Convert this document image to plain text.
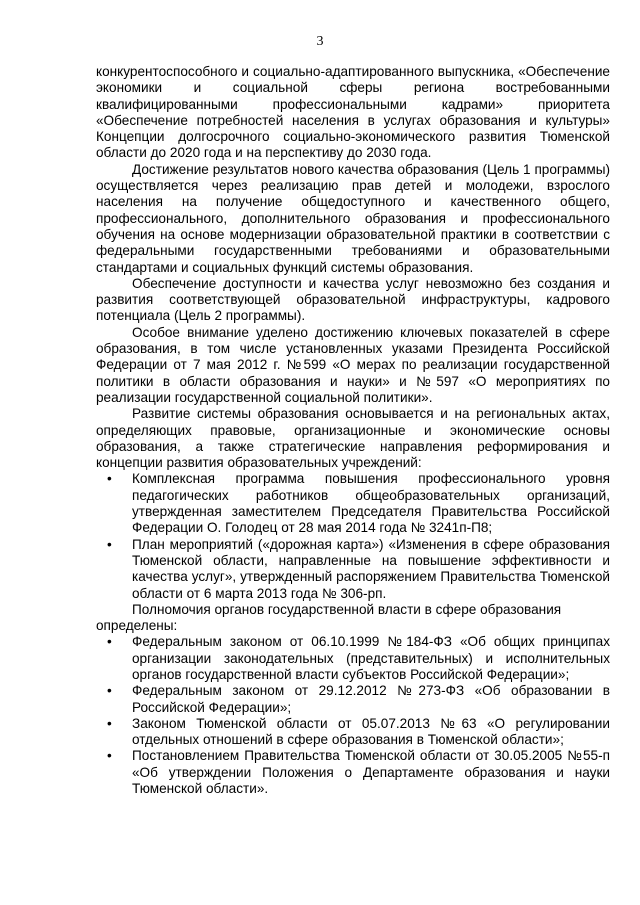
3

конкурентоспособного и социально-адаптированного выпускника, «Обеспечение экономики и социальной сферы региона востребованными квалифицированными профессиональными кадрами» приоритета «Обеспечение потребностей населения в услугах образования и культуры» Концепции долгосрочного социально-экономического развития Тюменской области до 2020 года и на перспективу до 2030 года.

Достижение результатов нового качества образования (Цель 1 программы) осуществляется через реализацию прав детей и молодежи, взрослого населения на получение общедоступного и качественного общего, профессионального, дополнительного образования и профессионального обучения на основе модернизации образовательной практики в соответствии с федеральными государственными требованиями и образовательными стандартами и социальных функций системы образования.

Обеспечение доступности и качества услуг невозможно без создания и развития соответствующей образовательной инфраструктуры, кадрового потенциала (Цель 2 программы).

Особое внимание уделено достижению ключевых показателей в сфере образования, в том числе установленных указами Президента Российской Федерации от 7 мая 2012 г. №599 «О мерах по реализации государственной политики в области образования и науки» и №597 «О мероприятиях по реализации государственной социальной политики».

Развитие системы образования основывается и на региональных актах, определяющих правовые, организационные и экономические основы образования, а также стратегические направления реформирования и концепции развития образовательных учреждений:

• Комплексная программа повышения профессионального уровня педагогических работников общеобразовательных организаций, утвержденная заместителем Председателя Правительства Российской Федерации О. Голодец от 28 мая 2014 года № 3241п-П8;
• План мероприятий («дорожная карта») «Изменения в сфере образования Тюменской области, направленные на повышение эффективности и качества услуг», утвержденный распоряжением Правительства Тюменской области от 6 марта 2013 года № 306-рп.

Полномочия органов государственной власти в сфере образования

определены:

• Федеральным законом от 06.10.1999 №184-ФЗ «Об общих принципах организации законодательных (представительных) и исполнительных органов государственной власти субъектов Российской Федерации»;
• Федеральным законом от 29.12.2012 №273-ФЗ «Об образовании в Российской Федерации»;
• Законом Тюменской области от 05.07.2013 №63 «О регулировании отдельных отношений в сфере образования в Тюменской области»;
• Постановлением Правительства Тюменской области от 30.05.2005 №55-п «Об утверждении Положения о Департаменте образования и науки Тюменской области».
